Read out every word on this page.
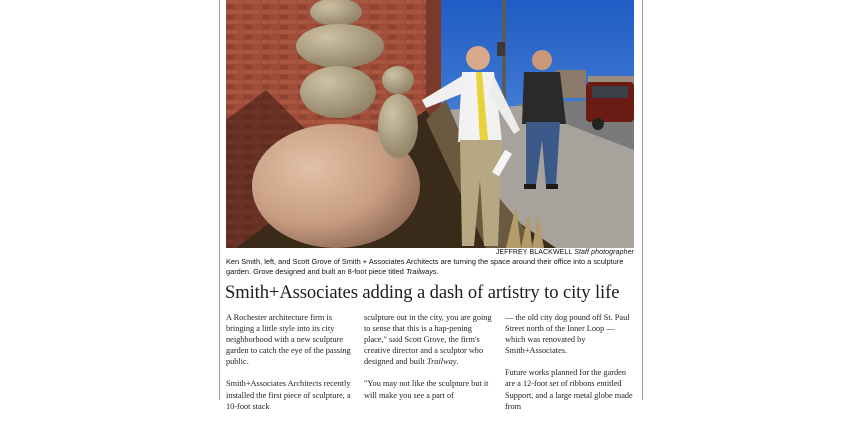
JEFFREY BLACKWELL Staff photographer
Ken Smith, left, and Scott Grove of Smith + Associates Architects are turning the space around their office into a sculpture garden. Grove designed and built an 8-foot piece titled Trailways.
Smith+Associates adding a dash of artistry to city life

A Rochester architecture firm is bringing a little style into its city neighborhood with a new sculpture garden to catch the eye of the passing public.

Smith+Associates Architects recently installed the first piece of sculpture, a 10-foot stack

sculpture out in the city, you are going to sense that this is a hap-pening place," said Scott Grove, the firm's creative director and a sculptor who designed and built Trailway.

"You may not like the sculpture but it will make you see a part of

— the old city dog pound off St. Paul Street north of the Inner Loop — which was renovated by Smith+Associates.

Future works planned for the garden are a 12-foot set of ribbons entitled Support, and a large metal globe made from
